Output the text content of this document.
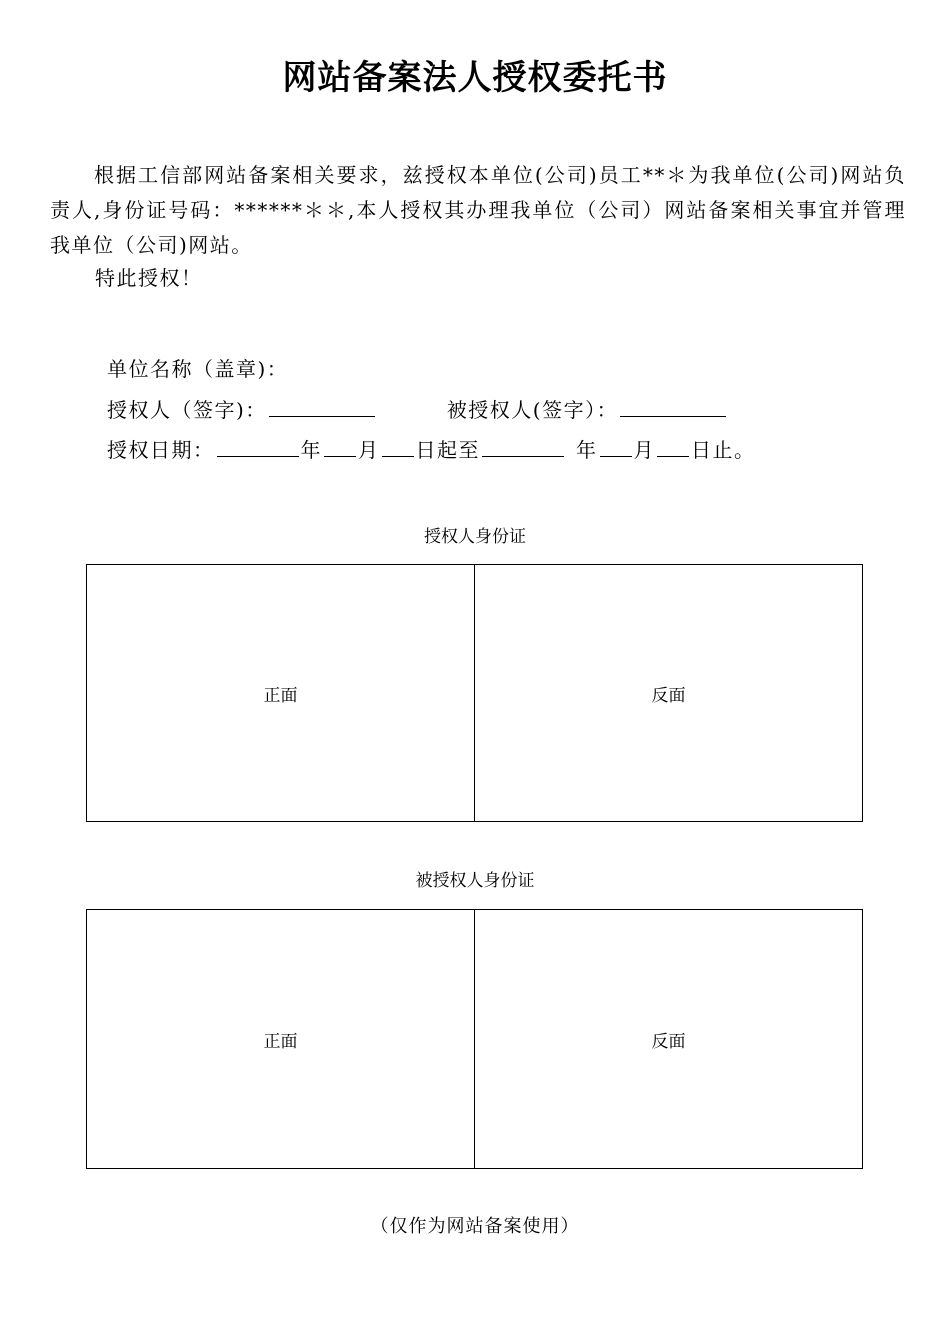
网站备案法人授权委托书
根据工信部网站备案相关要求，兹授权本单位(公司)员工**＊为我单位(公司)网站负责人,身份证号码：******＊＊,本人授权其办理我单位（公司）网站备案相关事宜并管理我单位（公司)网站。
特此授权！
单位名称（盖章)：
授权人（签字)：	被授权人(签字）：
授权日期：	年 月 日起至	年 月 日止。
授权人身份证
正面	反面
被授权人身份证
正面	反面
（仅作为网站备案使用）
